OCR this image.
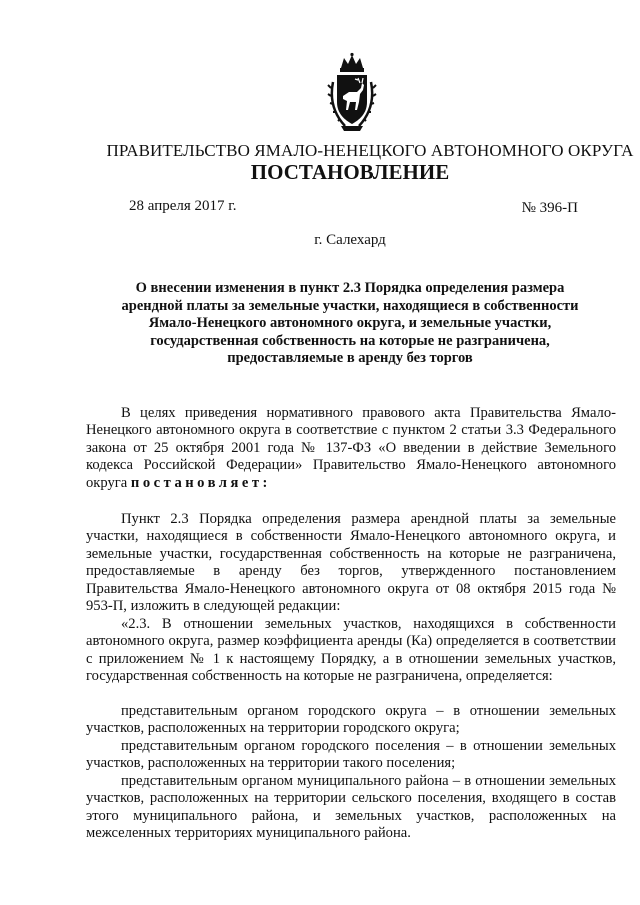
ПРАВИТЕЛЬСТВО ЯМАЛО-НЕНЕЦКОГО АВТОНОМНОГО ОКРУГА
ПОСТАНОВЛЕНИЕ
28 апреля 2017 г.	№ 396-П
г. Салехард
О внесении изменения в пункт 2.3 Порядка определения размера
арендной платы за земельные участки, находящиеся в собственности
Ямало-Ненецкого автономного округа, и земельные участки,
государственная собственность на которые не разграничена,
предоставляемые в аренду без торгов

В целях приведения нормативного правового акта Правительства Ямало-Ненецкого автономного округа в соответствие с пунктом 2 статьи 3.3 Федерального закона от 25 октября 2001 года № 137-ФЗ «О введении в действие Земельного кодекса Российской Федерации» Правительство Ямало-Ненецкого автономного округа постановляет:

Пункт 2.3 Порядка определения размера арендной платы за земельные участки, находящиеся в собственности Ямало-Ненецкого автономного округа, и земельные участки, государственная собственность на которые не разграничена, предоставляемые в аренду без торгов, утвержденного постановлением Правительства Ямало-Ненецкого автономного округа от 08 октября 2015 года № 953-П, изложить в следующей редакции:

«2.3. В отношении земельных участков, находящихся в собственности автономного округа, размер коэффициента аренды (Ка) определяется в соответствии с приложением № 1 к настоящему Порядку, а в отношении земельных участков, государственная собственность на которые не разграничена, определяется:

представительным органом городского округа – в отношении земельных участков, расположенных на территории городского округа;

представительным органом городского поселения – в отношении земельных участков, расположенных на территории такого поселения;

представительным органом муниципального района – в отношении земельных участков, расположенных на территории сельского поселения, входящего в состав этого муниципального района, и земельных участков, расположенных на межселенных территориях муниципального района.
